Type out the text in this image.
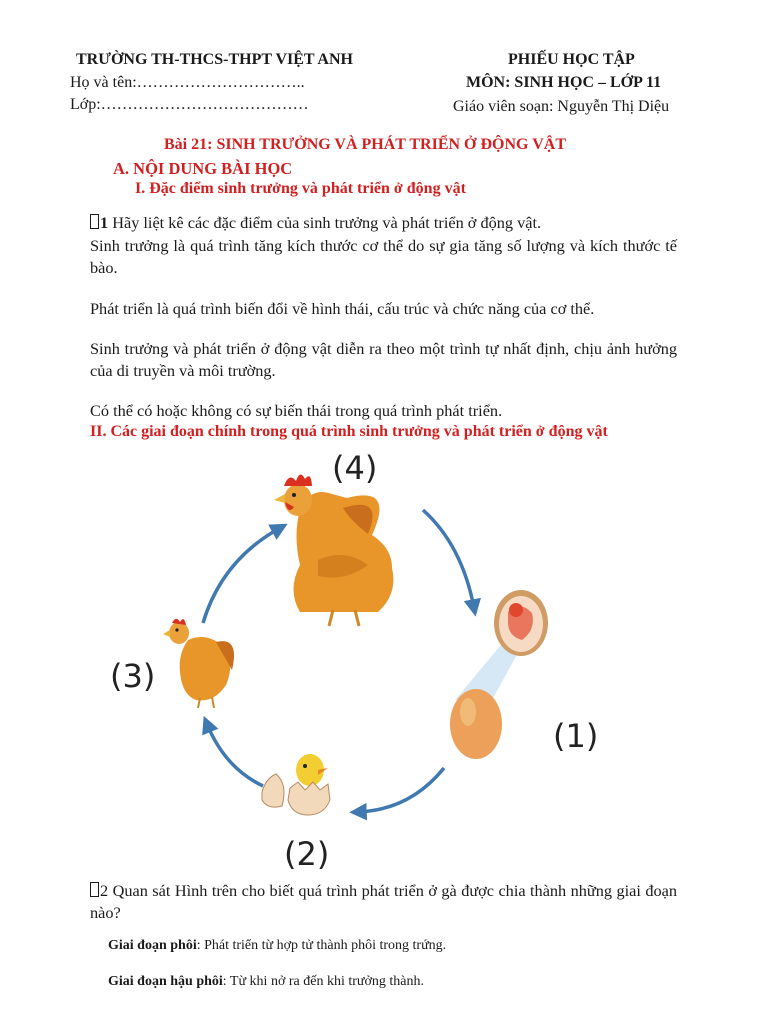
TRƯỜNG TH-THCS-THPT VIỆT ANH
Họ và tên:…………………………..
Lớp:…………………………………
PHIẾU HỌC TẬP
MÔN: SINH HỌC – LỚP 11
Giáo viên soạn: Nguyễn Thị Diệu
Bài 21: SINH TRƯỞNG VÀ PHÁT TRIỂN Ở ĐỘNG VẬT
A. NỘI DUNG BÀI HỌC
I. Đặc điểm sinh trưởng và phát triển ở động vật
1 Hãy liệt kê các đặc điểm của sinh trưởng và phát triển ở động vật.
Sinh trưởng là quá trình tăng kích thước cơ thể do sự gia tăng số lượng và kích thước tế bào.
Phát triển là quá trình biến đổi về hình thái, cấu trúc và chức năng của cơ thể.
Sinh trưởng và phát triển ở động vật diễn ra theo một trình tự nhất định, chịu ảnh hưởng của di truyền và môi trường.
Có thể có hoặc không có sự biến thái trong quá trình phát triển.
II. Các giai đoạn chính trong quá trình sinh trưởng và phát triển ở động vật
(1)
(2)
(3)
(4)
2 Quan sát Hình trên cho biết quá trình phát triển ở gà được chia thành những giai đoạn nào?
Giai đoạn phôi: Phát triển từ hợp tử thành phôi trong trứng.
Giai đoạn hậu phôi: Từ khi nở ra đến khi trưởng thành.
